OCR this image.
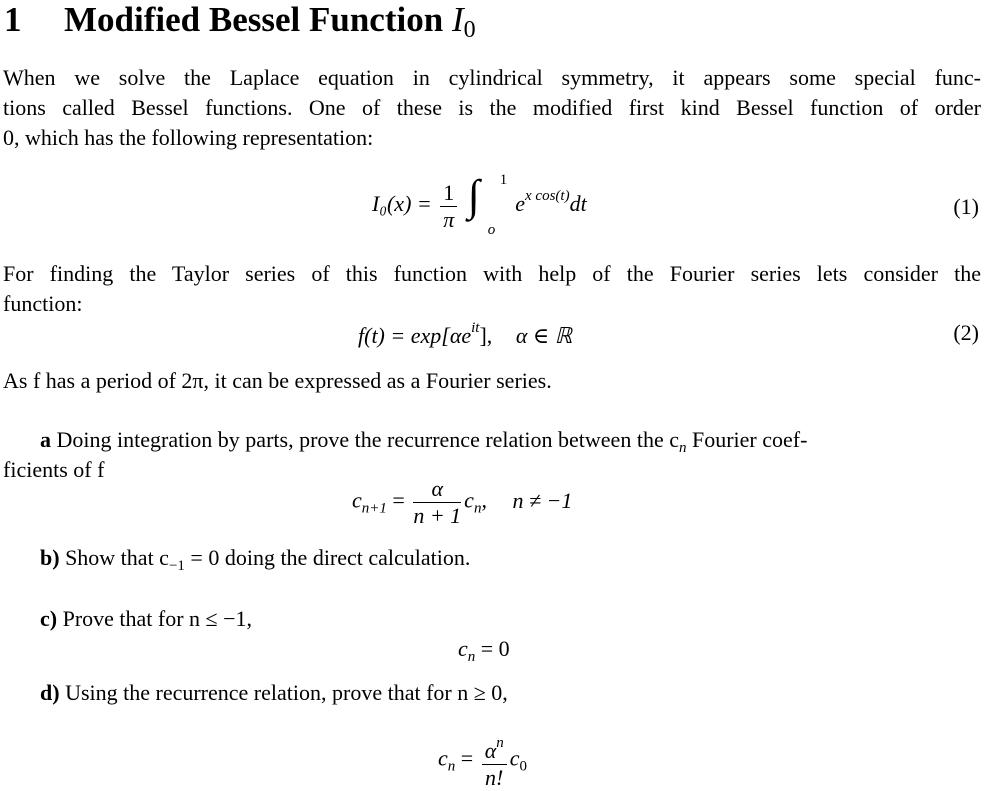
1 Modified Bessel Function $I_0$
When we solve the Laplace equation in cylindrical symmetry, it appears some special func-
tions called Bessel functions. One of these is the modified first kind Bessel function of order
0, which has the following representation:
$I_0(x) = \frac{1}{\pi}$
∫ 1
o
$e^{x cos(t)}dt$	(1)
For finding the Taylor series of this function with help of the Fourier series lets consider the
function:
$f(t) = \exp[\alpha e^{it}]$, α ∈ ℝ	(2)
As f has a period of 2π, it can be expressed as a Fourier series.
a Doing integration by parts, prove the recurrence relation between the $c_n$ Fourier coef-
ficients of f
$c_{n+1} = \frac{\alpha}{n + 1} c_n$, n ≠ −1
b) Show that $c_{-1} = 0$ doing the direct calculation.
c) Prove that for n ≤ −1,
$c_n = 0$
d) Using the recurrence relation, prove that for n ≥ 0,
$c_n = \frac{\alpha^n}{n!} c_0$
